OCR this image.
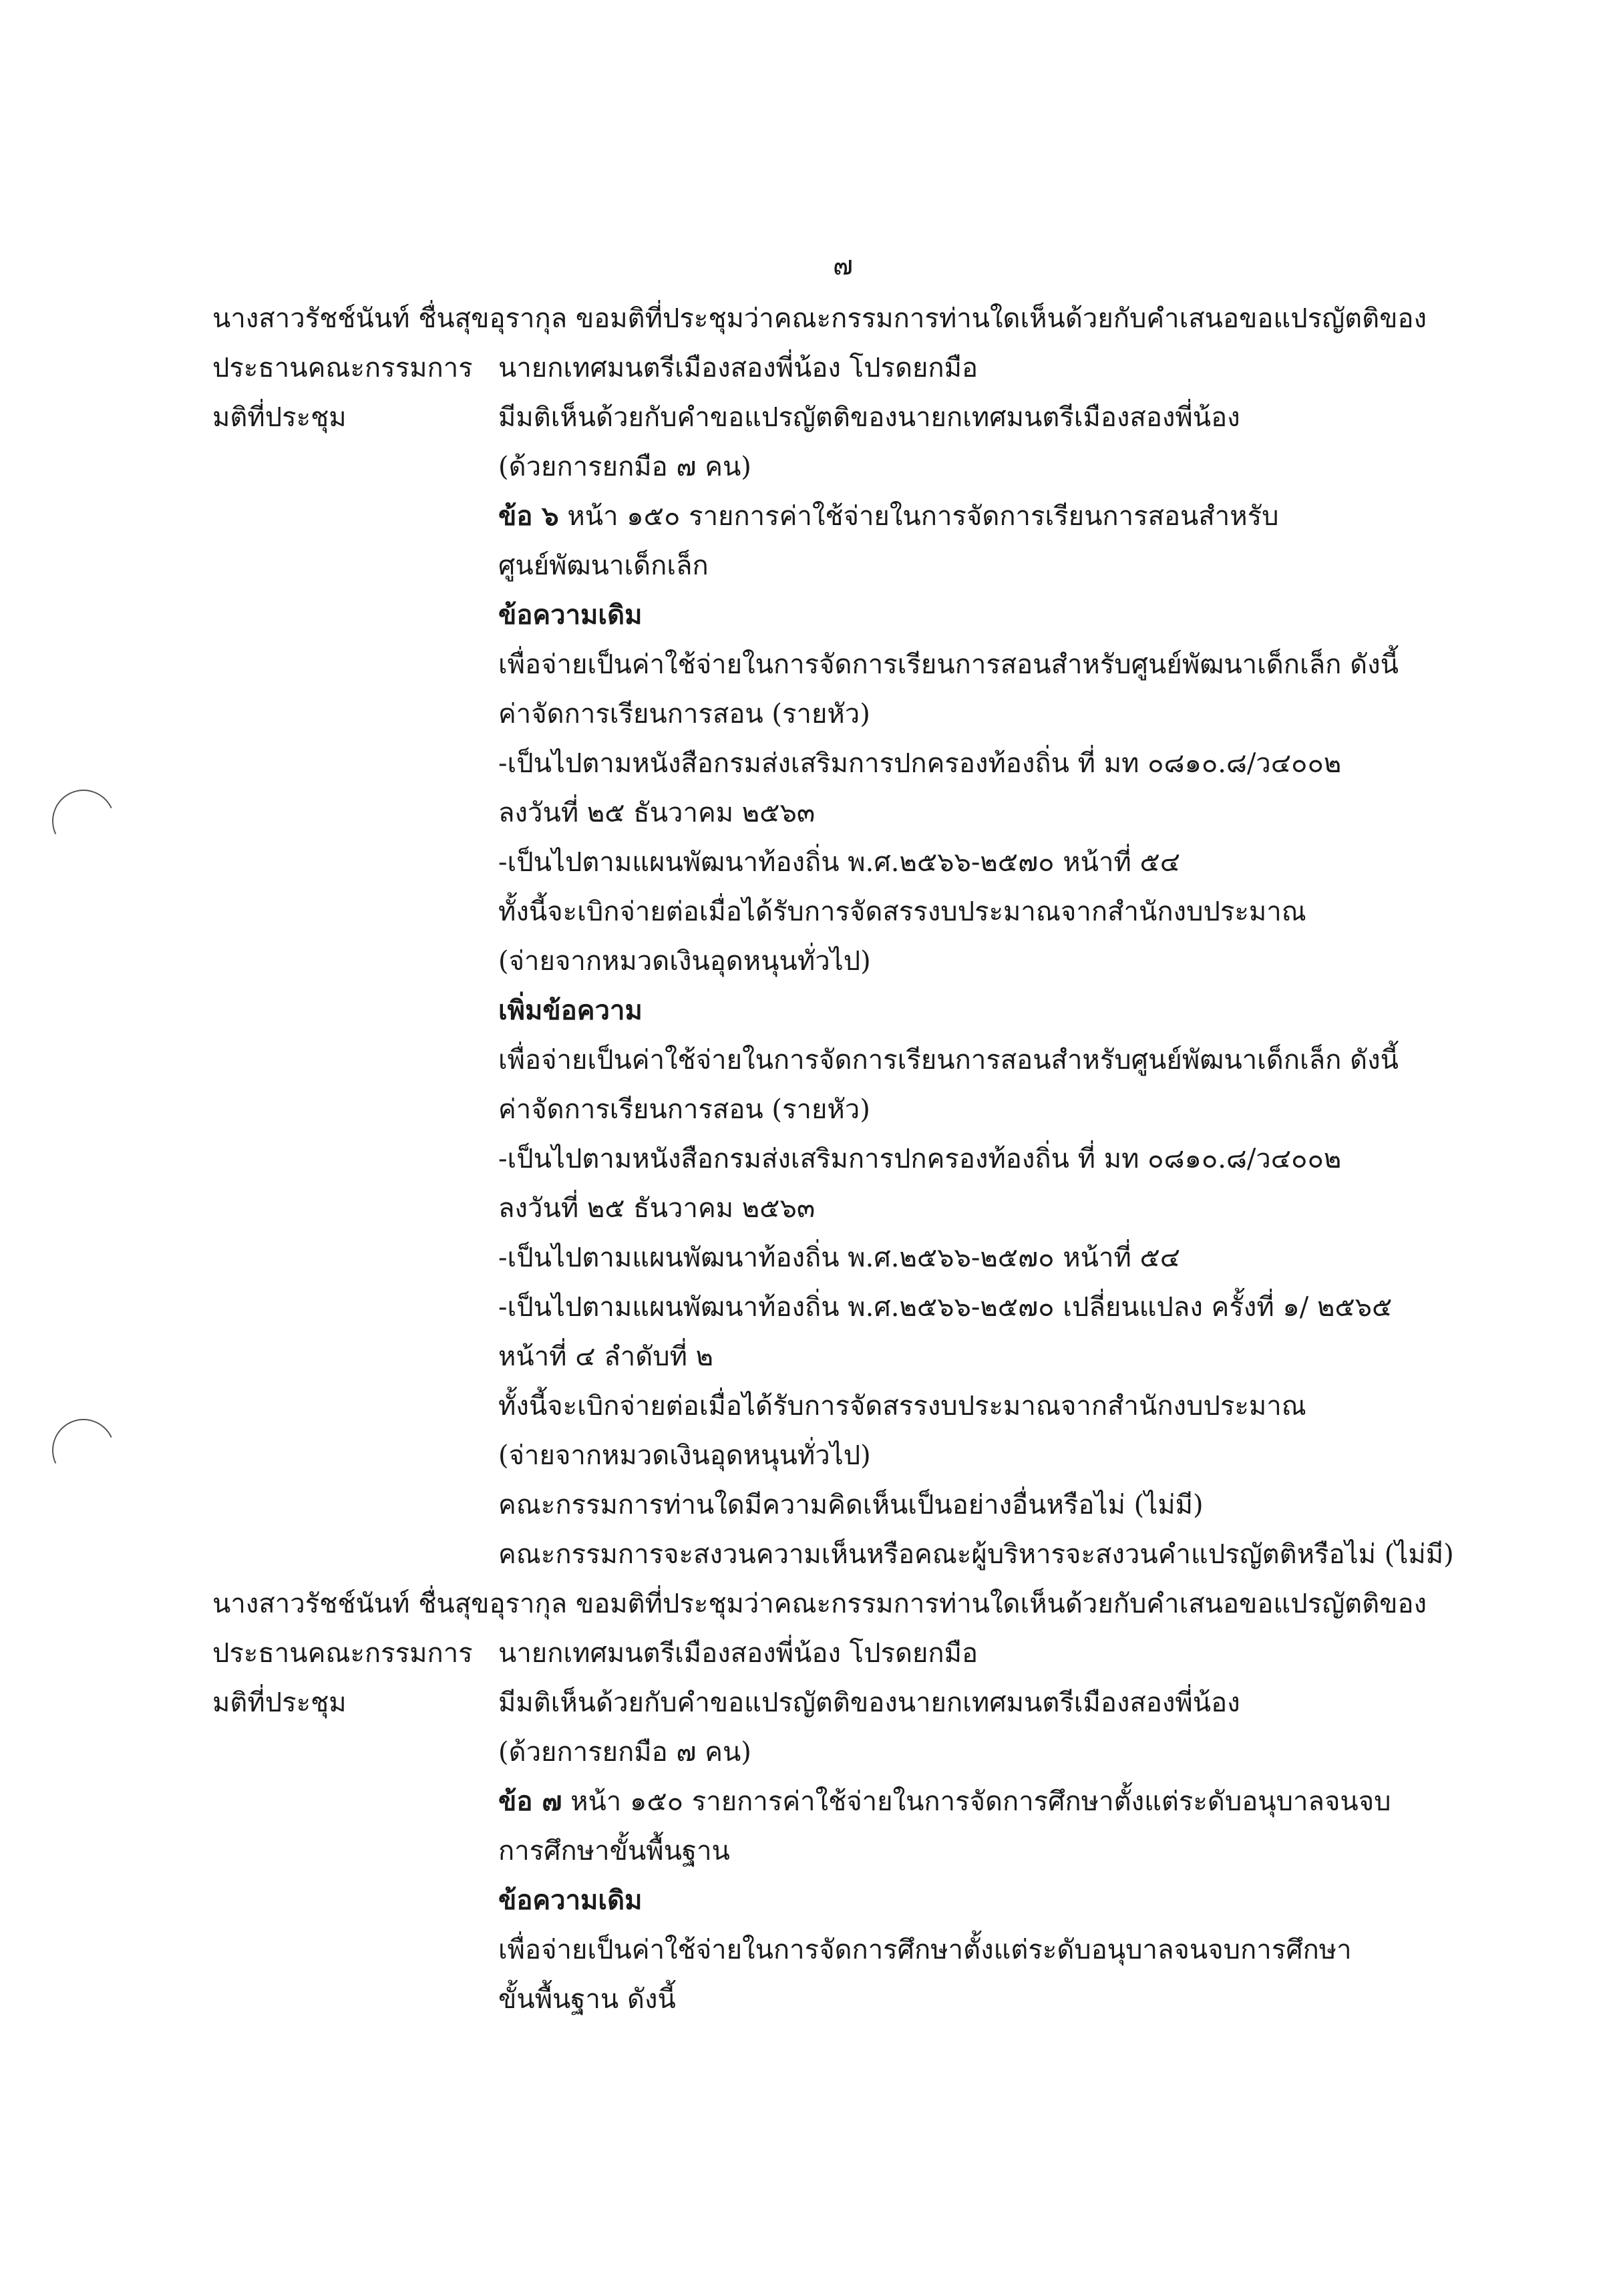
๗
นางสาวรัชช์นันท์ ชื่นสุขอุรากุล ขอมติที่ประชุมว่าคณะกรรมการท่านใดเห็นด้วยกับคำเสนอขอแปรญัตติของ
ประธานคณะกรรมการ นายกเทศมนตรีเมืองสองพี่น้อง โปรดยกมือ
มติที่ประชุม	มีมติเห็นด้วยกับคำขอแปรญัตติของนายกเทศมนตรีเมืองสองพี่น้อง
(ด้วยการยกมือ ๗ คน)
ข้อ ๖ หน้า ๑๕๐ รายการค่าใช้จ่ายในการจัดการเรียนการสอนสำหรับ
ศูนย์พัฒนาเด็กเล็ก
ข้อความเดิม
เพื่อจ่ายเป็นค่าใช้จ่ายในการจัดการเรียนการสอนสำหรับศูนย์พัฒนาเด็กเล็ก ดังนี้
ค่าจัดการเรียนการสอน (รายหัว)
-เป็นไปตามหนังสือกรมส่งเสริมการปกครองท้องถิ่น ที่ มท ๐๘๑๐.๘/ว๔๐๐๒
ลงวันที่ ๒๕ ธันวาคม ๒๕๖๓
-เป็นไปตามแผนพัฒนาท้องถิ่น พ.ศ.๒๕๖๖-๒๕๗๐ หน้าที่ ๕๔
ทั้งนี้จะเบิกจ่ายต่อเมื่อได้รับการจัดสรรงบประมาณจากสำนักงบประมาณ
(จ่ายจากหมวดเงินอุดหนุนทั่วไป)
เพิ่มข้อความ
เพื่อจ่ายเป็นค่าใช้จ่ายในการจัดการเรียนการสอนสำหรับศูนย์พัฒนาเด็กเล็ก ดังนี้
ค่าจัดการเรียนการสอน (รายหัว)
-เป็นไปตามหนังสือกรมส่งเสริมการปกครองท้องถิ่น ที่ มท ๐๘๑๐.๘/ว๔๐๐๒
ลงวันที่ ๒๕ ธันวาคม ๒๕๖๓
-เป็นไปตามแผนพัฒนาท้องถิ่น พ.ศ.๒๕๖๖-๒๕๗๐ หน้าที่ ๕๔
-เป็นไปตามแผนพัฒนาท้องถิ่น พ.ศ.๒๕๖๖-๒๕๗๐ เปลี่ยนแปลง ครั้งที่ ๑/ ๒๕๖๕
หน้าที่ ๔ ลำดับที่ ๒
ทั้งนี้จะเบิกจ่ายต่อเมื่อได้รับการจัดสรรงบประมาณจากสำนักงบประมาณ
(จ่ายจากหมวดเงินอุดหนุนทั่วไป)
คณะกรรมการท่านใดมีความคิดเห็นเป็นอย่างอื่นหรือไม่ (ไม่มี)
คณะกรรมการจะสงวนความเห็นหรือคณะผู้บริหารจะสงวนคำแปรญัตติหรือไม่ (ไม่มี)
นางสาวรัชช์นันท์ ชื่นสุขอุรากุล ขอมติที่ประชุมว่าคณะกรรมการท่านใดเห็นด้วยกับคำเสนอขอแปรญัตติของ
ประธานคณะกรรมการ นายกเทศมนตรีเมืองสองพี่น้อง โปรดยกมือ
มติที่ประชุม	มีมติเห็นด้วยกับคำขอแปรญัตติของนายกเทศมนตรีเมืองสองพี่น้อง
(ด้วยการยกมือ ๗ คน)
ข้อ ๗ หน้า ๑๕๐ รายการค่าใช้จ่ายในการจัดการศึกษาตั้งแต่ระดับอนุบาลจนจบ
การศึกษาขั้นพื้นฐาน
ข้อความเดิม
เพื่อจ่ายเป็นค่าใช้จ่ายในการจัดการศึกษาตั้งแต่ระดับอนุบาลจนจบการศึกษา
ขั้นพื้นฐาน ดังนี้
